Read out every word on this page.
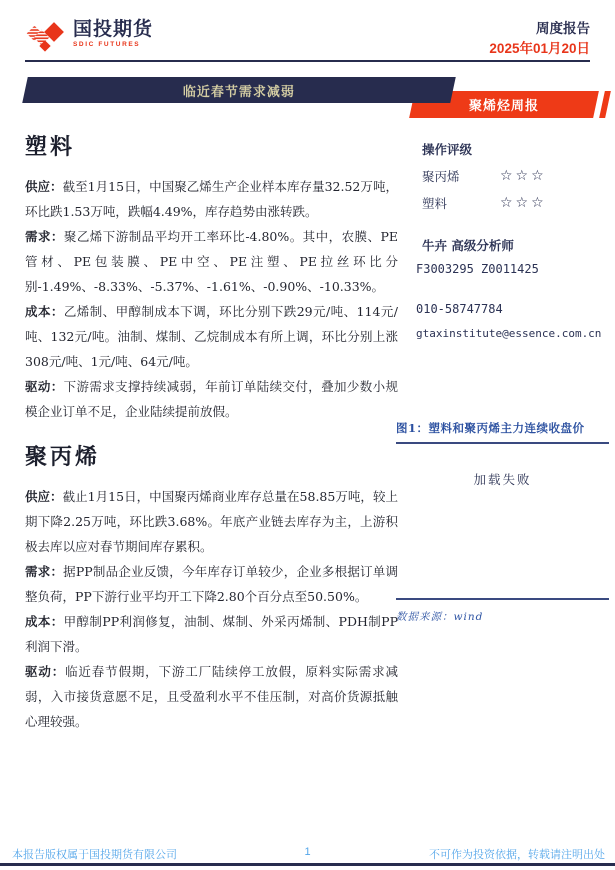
国投期货
SDIC FUTURES
周度报告
2025年01月20日
临近春节需求减弱
聚烯烃周报
塑料

供应：截至1月15日，中国聚乙烯生产企业样本库存量32.52万吨，环比跌1.53万吨，跌幅4.49%，库存趋势由涨转跌。

需求：聚乙烯下游制品平均开工率环比-4.80%。其中，农膜、PE管材、PE包装膜、PE中空、PE注塑、PE拉丝环比分别-1.49%、-8.33%、-5.37%、-1.61%、-0.90%、-10.33%。

成本：乙烯制、甲醇制成本下调，环比分别下跌29元/吨、114元/吨、132元/吨。油制、煤制、乙烷制成本有所上调，环比分别上涨308元/吨、1元/吨、64元/吨。

驱动：下游需求支撑持续减弱，年前订单陆续交付，叠加少数小规模企业订单不足，企业陆续提前放假。

聚丙烯

供应：截止1月15日，中国聚丙烯商业库存总量在58.85万吨，较上期下降2.25万吨，环比跌3.68%。年底产业链去库存为主，上游积极去库以应对春节期间库存累积。

需求：据PP制品企业反馈，今年库存订单较少，企业多根据订单调整负荷，PP下游行业平均开工下降2.80个百分点至50.50%。

成本：甲醇制PP利润修复，油制、煤制、外采丙烯制、PDH制PP利润下滑。

驱动：临近春节假期，下游工厂陆续停工放假，原料实际需求减弱，入市接货意愿不足，且受盈利水平不佳压制，对高价货源抵触心理较强。

操作评级
聚丙烯	☆☆☆
塑料	☆☆☆
牛卉 高级分析师
F3003295 Z0011425
010-58747784
gtaxinstitute@essence.com.cn
图1：塑料和聚丙烯主力连续收盘价
加载失败
数据来源：wind
本报告版权属于国投期货有限公司	1	不可作为投资依据，转载请注明出处
